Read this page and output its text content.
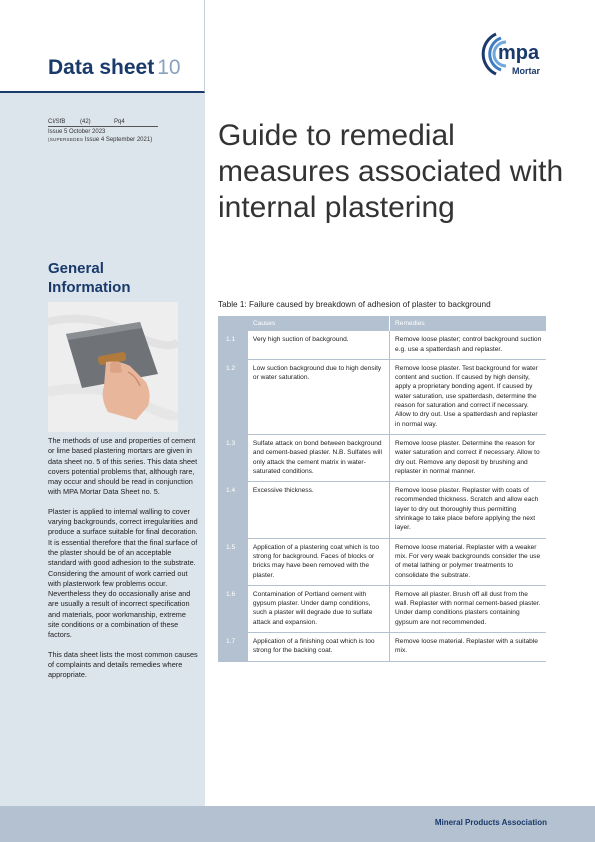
Data sheet 10
CI/SfB	(42)	Pq4
Issue 5 October 2023
(SUPERSEDES Issue 4 September 2021)
General
Information

The methods of use and properties of cement or lime based plastering mortars are given in data sheet no. 5 of this series. This data sheet covers potential problems that, although rare, may occur and should be read in conjunction with MPA Mortar Data Sheet no. 5.

Plaster is applied to internal walling to cover varying backgrounds, correct irregularities and produce a surface suitable for final decoration. It is essential therefore that the final surface of the plaster should be of an acceptable standard with good adhesion to the substrate. Considering the amount of work carried out with plasterwork few problems occur. Nevertheless they do occasionally arise and are usually a result of incorrect specification and materials, poor workmanship, extreme site conditions or a combination of these factors.

This data sheet lists the most common causes of complaints and details remedies where appropriate.

mpa
Mortar
Guide to remedial measures associated with internal plastering
Table 1: Failure caused by breakdown of adhesion of plaster to background
	Causes	Remedies
1.1	Very high suction of background.	Remove loose plaster; control background suction e.g. use a spatterdash and replaster.
1.2	Low suction background due to high density or water saturation.	Remove loose plaster. Test background for water content and suction. If caused by high density, apply a proprietary bonding agent. If caused by water saturation, use spatterdash, determine the reason for saturation and correct if necessary. Allow to dry out. Use a spatterdash and replaster in normal way.
1.3	Sulfate attack on bond between background and cement-based plaster. N.B. Sulfates will only attack the cement matrix in water-saturated conditions.	Remove loose plaster. Determine the reason for water saturation and correct if necessary. Allow to dry out. Remove any deposit by brushing and replaster in normal manner.
1.4	Excessive thickness.	Remove loose plaster. Replaster with coats of recommended thickness. Scratch and allow each layer to dry out thoroughly thus permitting shrinkage to take place before applying the next layer.
1.5	Application of a plastering coat which is too strong for background. Faces of blocks or bricks may have been removed with the plaster.	Remove loose material. Replaster with a weaker mix. For very weak backgrounds consider the use of metal lathing or polymer treatments to consolidate the substrate.
1.6	Contamination of Portland cement with gypsum plaster. Under damp conditions, such a plaster will degrade due to sulfate attack and expansion.	Remove all plaster. Brush off all dust from the wall. Replaster with normal cement-based plaster. Under damp conditions plasters containing gypsum are not recommended.
1.7	Application of a finishing coat which is too strong for the backing coat.	Remove loose material. Replaster with a suitable mix.
Mineral Products Association
